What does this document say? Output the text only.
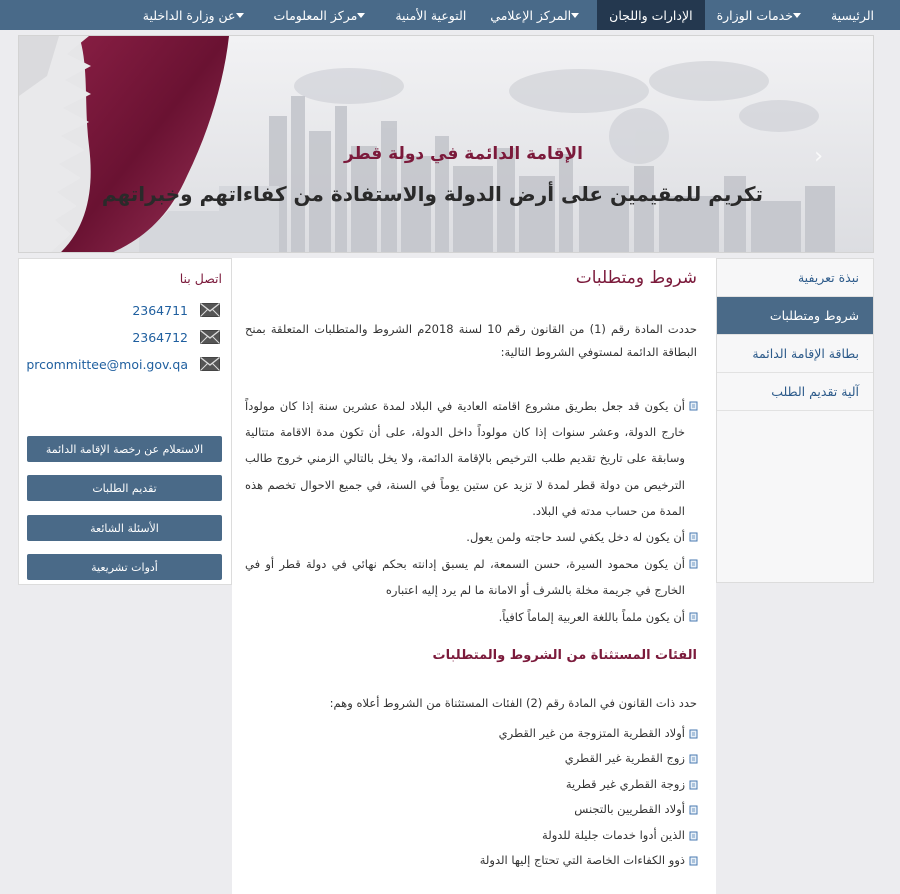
الرئيسية
خدمات الوزارة
الإدارات واللجان
المركز الإعلامي
التوعية الأمنية
مركز المعلومات
عن وزارة الداخلية
الإقامة الدائمة في دولة قطر
تكريم للمقيمين على أرض الدولة والاستفادة من كفاءاتهم وخبراتهم
›
نبذة تعريفية
شروط ومتطلبات
بطاقة الإقامة الدائمة
آلية تقديم الطلب
شروط ومتطلبات
حددت المادة رقم (1) من القانون رقم 10 لسنة 2018م الشروط والمتطلبات المتعلقة بمنح البطاقة الدائمة لمستوفي الشروط التالية:
أن يكون قد جعل بطريق مشروع اقامته العادية في البلاد لمدة عشرين سنة إذا كان مولوداً خارج الدولة، وعشر سنوات إذا كان مولوداً داخل الدولة، على أن تكون مدة الاقامة متتالية وسابقة على تاريخ تقديم طلب الترخيص بالإقامة الدائمة، ولا يخل بالتالي الزمني خروج طالب الترخيص من دولة قطر لمدة لا تزيد عن ستين يوماً في السنة، في جميع الاحوال تخصم هذه المدة من حساب مدته في البلاد.
أن يكون له دخل يكفي لسد حاجته ولمن يعول.
أن يكون محمود السيرة، حسن السمعة، لم يسبق إدانته بحكم نهائي في دولة قطر أو في الخارج في جريمة مخلة بالشرف أو الامانة ما لم يرد إليه اعتباره
أن يكون ملماً باللغة العربية إلماماً كافياً.
الفئات المستثناة من الشروط والمتطلبات
حدد ذات القانون في المادة رقم (2) الفئات المستثناة من الشروط أعلاه وهم:
أولاد القطرية المتزوجة من غير القطري
زوج القطرية غير القطري
زوجة القطري غير قطرية
أولاد القطريين بالتجنس
الذين أدوا خدمات جليلة للدولة
ذوو الكفاءات الخاصة التي تحتاج إليها الدولة
اتصل بنا
2364711
2364712
prcommittee@moi.gov.qa
الاستعلام عن رخصة الإقامة الدائمة
تقديم الطلبات
الأسئلة الشائعة
أدوات تشريعية
